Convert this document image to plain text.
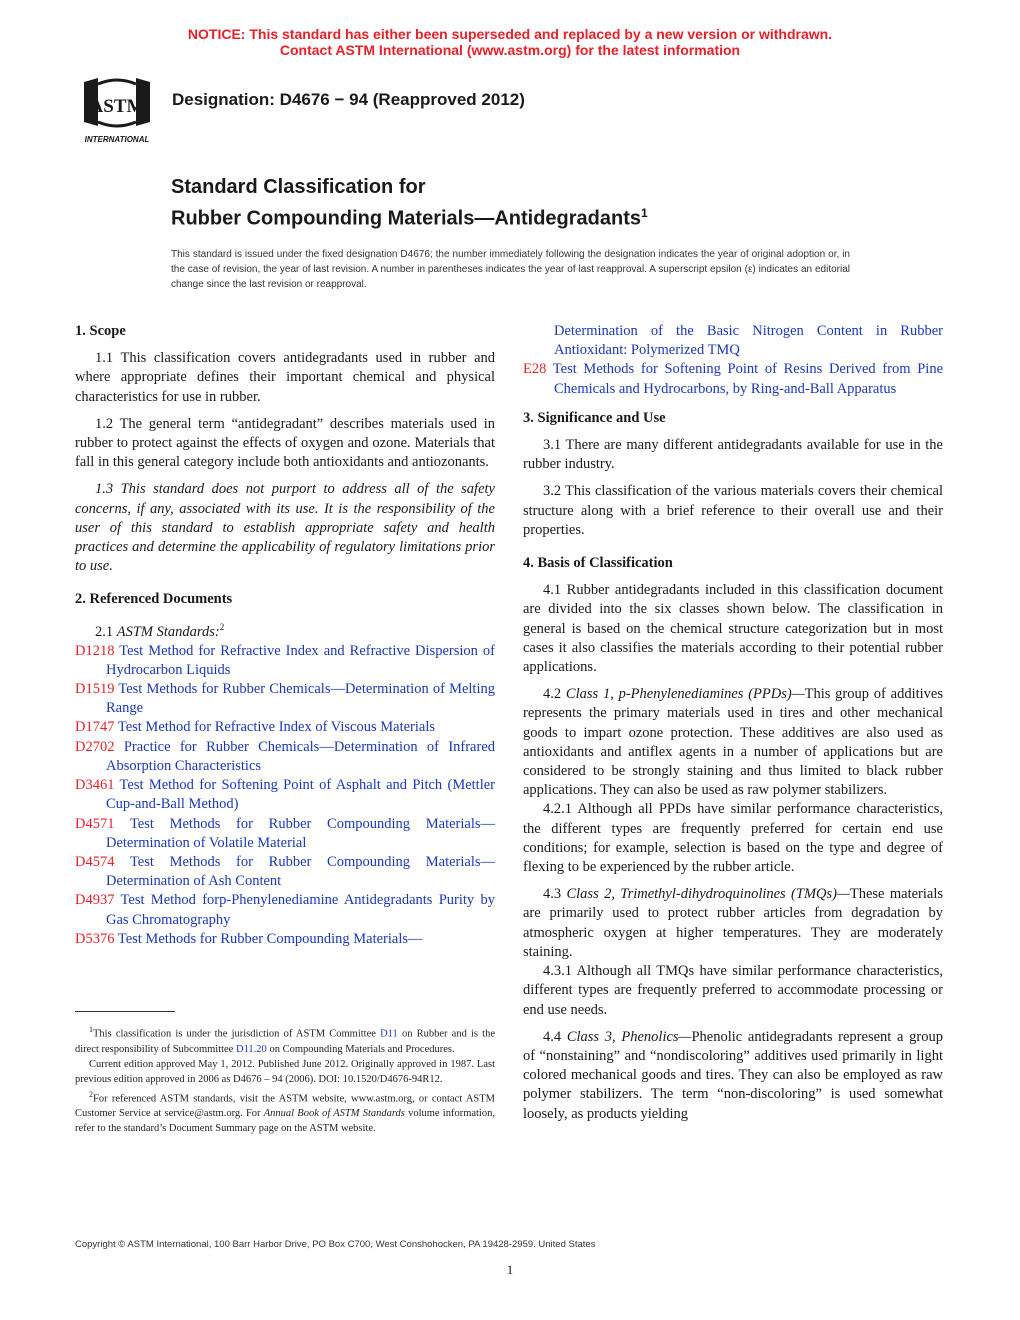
NOTICE: This standard has either been superseded and replaced by a new version or withdrawn.
Contact ASTM International (www.astm.org) for the latest information
ASTM
INTERNATIONAL
Designation: D4676 − 94 (Reapproved 2012)
Standard Classification for
Rubber Compounding Materials—Antidegradants$^1$
This standard is issued under the fixed designation D4676; the number immediately following the designation indicates the year of original adoption or, in the case of revision, the year of last revision. A number in parentheses indicates the year of last reapproval. A superscript epsilon (ε) indicates an editorial change since the last revision or reapproval.
1. Scope
1.1 This classification covers antidegradants used in rubber and where appropriate defines their important chemical and physical characteristics for use in rubber.
1.2 The general term “antidegradant” describes materials used in rubber to protect against the effects of oxygen and ozone. Materials that fall in this general category include both antioxidants and antiozonants.
1.3 This standard does not purport to address all of the safety concerns, if any, associated with its use. It is the responsibility of the user of this standard to establish appropriate safety and health practices and determine the applicability of regulatory limitations prior to use.
2. Referenced Documents
2.1 ASTM Standards:$^2$
D1218 Test Method for Refractive Index and Refractive Dispersion of Hydrocarbon Liquids
D1519 Test Methods for Rubber Chemicals—Determination of Melting Range
D1747 Test Method for Refractive Index of Viscous Materials
D2702 Practice for Rubber Chemicals—Determination of Infrared Absorption Characteristics
D3461 Test Method for Softening Point of Asphalt and Pitch (Mettler Cup-and-Ball Method)
D4571 Test Methods for Rubber Compounding Materials—Determination of Volatile Material
D4574 Test Methods for Rubber Compounding Materials—Determination of Ash Content
D4937 Test Method forp-Phenylenediamine Antidegradants Purity by Gas Chromatography
D5376 Test Methods for Rubber Compounding Materials—
$^1$This classification is under the jurisdiction of ASTM Committee D11 on Rubber and is the direct responsibility of Subcommittee D11.20 on Compounding Materials and Procedures.
Current edition approved May 1, 2012. Published June 2012. Originally approved in 1987. Last previous edition approved in 2006 as D4676 – 94 (2006). DOI: 10.1520/D4676-94R12.
$^2$For referenced ASTM standards, visit the ASTM website, www.astm.org, or contact ASTM Customer Service at service@astm.org. For Annual Book of ASTM Standards volume information, refer to the standard’s Document Summary page on the ASTM website.
Determination of the Basic Nitrogen Content in Rubber Antioxidant: Polymerized TMQ
E28 Test Methods for Softening Point of Resins Derived from Pine Chemicals and Hydrocarbons, by Ring-and-Ball Apparatus
3. Significance and Use
3.1 There are many different antidegradants available for use in the rubber industry.
3.2 This classification of the various materials covers their chemical structure along with a brief reference to their overall use and their properties.
4. Basis of Classification
4.1 Rubber antidegradants included in this classification document are divided into the six classes shown below. The classification in general is based on the chemical structure categorization but in most cases it also classifies the materials according to their potential rubber applications.
4.2 Class 1, p-Phenylenediamines (PPDs)—This group of additives represents the primary materials used in tires and other mechanical goods to impart ozone protection. These additives are also used as antioxidants and antiflex agents in a number of applications but are considered to be strongly staining and thus limited to black rubber applications. They can also be used as raw polymer stabilizers.
4.2.1 Although all PPDs have similar performance characteristics, the different types are frequently preferred for certain end use conditions; for example, selection is based on the type and degree of flexing to be experienced by the rubber article.
4.3 Class 2, Trimethyl-dihydroquinolines (TMQs)—These materials are primarily used to protect rubber articles from degradation by atmospheric oxygen at higher temperatures. They are moderately staining.
4.3.1 Although all TMQs have similar performance characteristics, different types are frequently preferred to accommodate processing or end use needs.
4.4 Class 3, Phenolics—Phenolic antidegradants represent a group of “nonstaining” and “nondiscoloring” additives used primarily in light colored mechanical goods and tires. They can also be employed as raw polymer stabilizers. The term “non-discoloring” is used somewhat loosely, as products yielding
Copyright © ASTM International, 100 Barr Harbor Drive, PO Box C700, West Conshohocken, PA 19428-2959. United States
1
